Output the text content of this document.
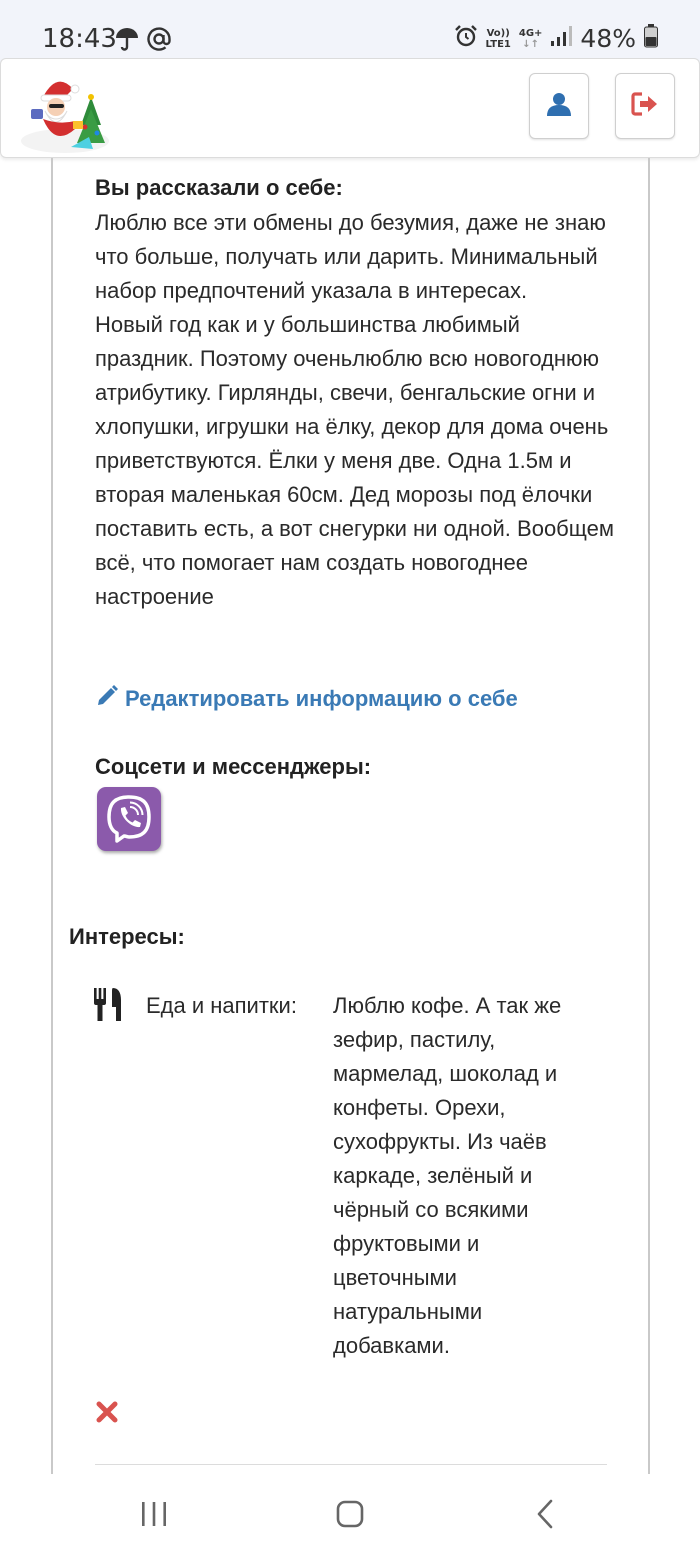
18:43	Vo))
LTE1
4G+
↓↑ 48%
Вы рассказали о себе:

Люблю все эти обмены до безумия, даже не знаю что больше, получать или дарить. Минимальный набор предпочтений указала в интересах.

Новый год как и у большинства любимый праздник. Поэтому оченьлюблю всю новогоднюю атрибутику. Гирлянды, свечи, бенгальские огни и хлопушки, игрушки на ёлку, декор для дома очень приветствуются. Ёлки у меня две. Одна 1.5м и вторая маленькая 60см. Дед морозы под ёлочки поставить есть, а вот снегурки ни одной. Вообщем всё, что помогает нам создать новогоднее настроение

Редактировать информацию о себе
Соцсети и мессенджеры:
Интересы:
Еда и напитки:	Люблю кофе. А так же зефир, пастилу, мармелад, шоколад и конфеты. Орехи, сухофрукты. Из чаёв каркаде, зелёный и чёрный со всякими фруктовыми и цветочными натуральными добавками.
